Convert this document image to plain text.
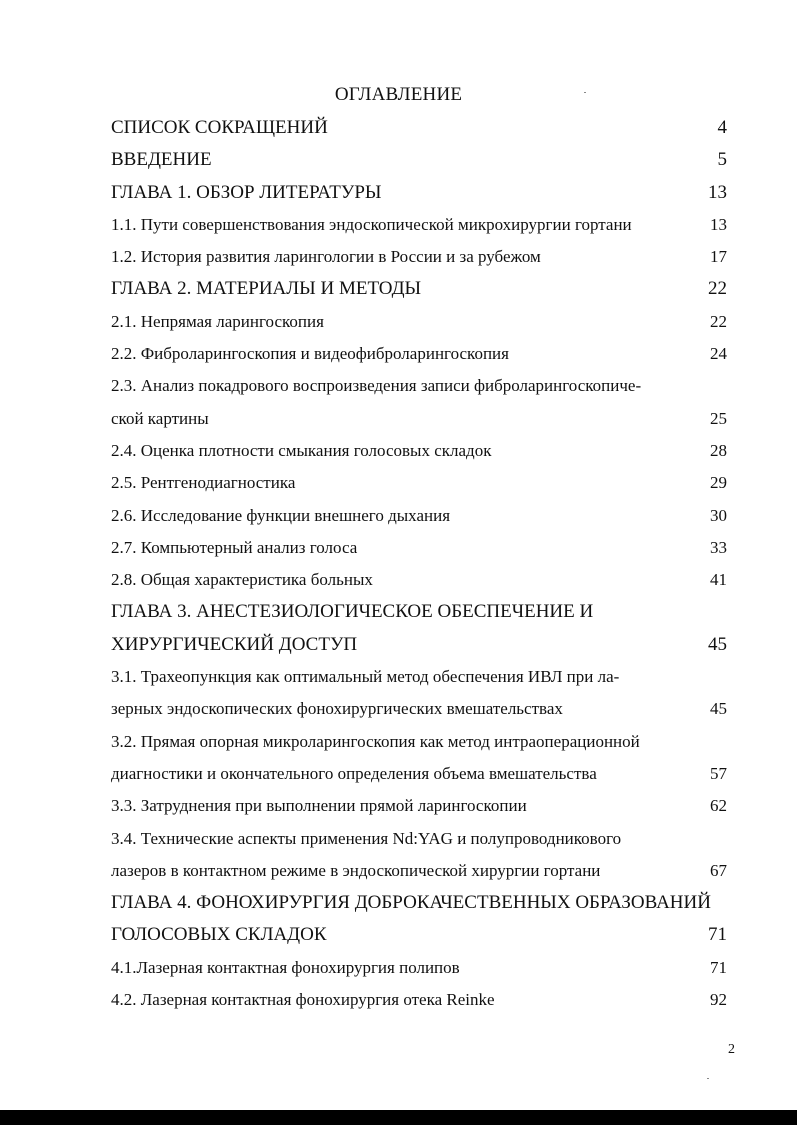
ОГЛАВЛЕНИЕ
СПИСОК СОКРАЩЕНИЙ	4
ВВЕДЕНИЕ	5
ГЛАВА 1. ОБЗОР ЛИТЕРАТУРЫ	13
1.1. Пути совершенствования эндоскопической микрохирургии гортани	13
1.2. История развития ларингологии в России и за рубежом	17
ГЛАВА 2. МАТЕРИАЛЫ И МЕТОДЫ	22
2.1. Непрямая ларингоскопия	22
2.2. Фиброларингоскопия и видеофиброларингоскопия	24
2.3. Анализ покадрового воспроизведения записи фиброларингоскопиче-
ской картины	25
2.4. Оценка плотности смыкания голосовых складок	28
2.5. Рентгенодиагностика	29
2.6. Исследование функции внешнего дыхания	30
2.7. Компьютерный анализ голоса	33
2.8. Общая характеристика больных	41
ГЛАВА 3. АНЕСТЕЗИОЛОГИЧЕСКОЕ ОБЕСПЕЧЕНИЕ И
ХИРУРГИЧЕСКИЙ ДОСТУП	45
3.1. Трахеопункция как оптимальный метод обеспечения ИВЛ при ла-
зерных эндоскопических фонохирургических вмешательствах	45
3.2. Прямая опорная микроларингоскопия как метод интраоперационной
диагностики и окончательного определения объема вмешательства	57
3.3. Затруднения при выполнении прямой ларингоскопии	62
3.4. Технические аспекты применения Nd:YAG и полупроводникового
лазеров в контактном режиме в эндоскопической хирургии гортани	67
ГЛАВА 4. ФОНОХИРУРГИЯ ДОБРОКАЧЕСТВЕННЫХ ОБРАЗОВАНИЙ
ГОЛОСОВЫХ СКЛАДОК	71
4.1.Лазерная контактная фонохирургия полипов	71
4.2. Лазерная контактная фонохирургия отека Reinke	92
2
